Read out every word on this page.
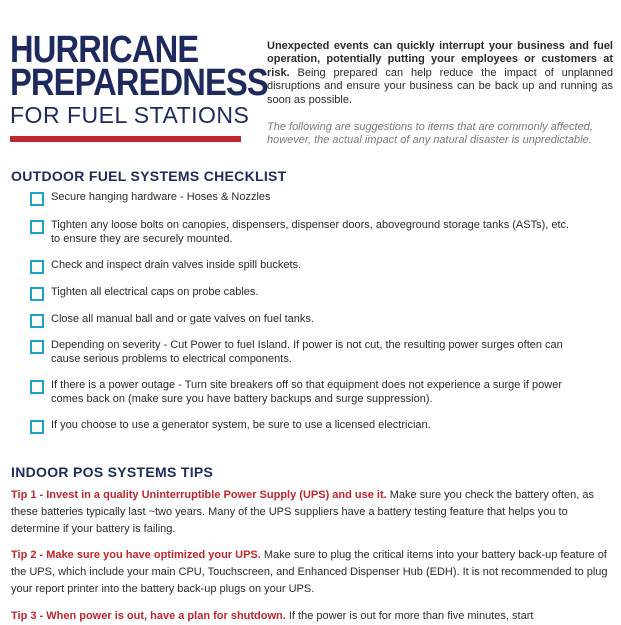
HURRICANE
PREPAREDNESS
FOR FUEL STATIONS
Unexpected events can quickly interrupt your business and fuel operation, potentially putting your employees or customers at risk. Being prepared can help reduce the impact of unplanned disruptions and ensure your business can be back up and running as soon as possible.
The following are suggestions to items that are commonly affected, however, the actual impact of any natural disaster is unpredictable.
OUTDOOR FUEL SYSTEMS CHECKLIST
Secure hanging hardware - Hoses & Nozzles
Tighten any loose bolts on canopies, dispensers, dispenser doors, aboveground storage tanks (ASTs), etc. to ensure they are securely mounted.
Check and inspect drain valves inside spill buckets.
Tighten all electrical caps on probe cables.
Close all manual ball and or gate valves on fuel tanks.
Depending on severity - Cut Power to fuel Island. If power is not cut, the resulting power surges often can cause serious problems to electrical components.
If there is a power outage - Turn site breakers off so that equipment does not experience a surge if power comes back on (make sure you have battery backups and surge suppression).
If you choose to use a generator system, be sure to use a licensed electrician.
INDOOR POS SYSTEMS TIPS
Tip 1 - Invest in a quality Uninterruptible Power Supply (UPS) and use it. Make sure you check the battery often, as these batteries typically last ~two years. Many of the UPS suppliers have a battery testing feature that helps you to determine if your battery is failing.
Tip 2 - Make sure you have optimized your UPS. Make sure to plug the critical items into your battery back-up feature of the UPS, which include your main CPU, Touchscreen, and Enhanced Dispenser Hub (EDH). It is not recommended to plug your report printer into the battery back-up plugs on your UPS.
Tip 3 - When power is out, have a plan for shutdown. If the power is out for more than five minutes, start
